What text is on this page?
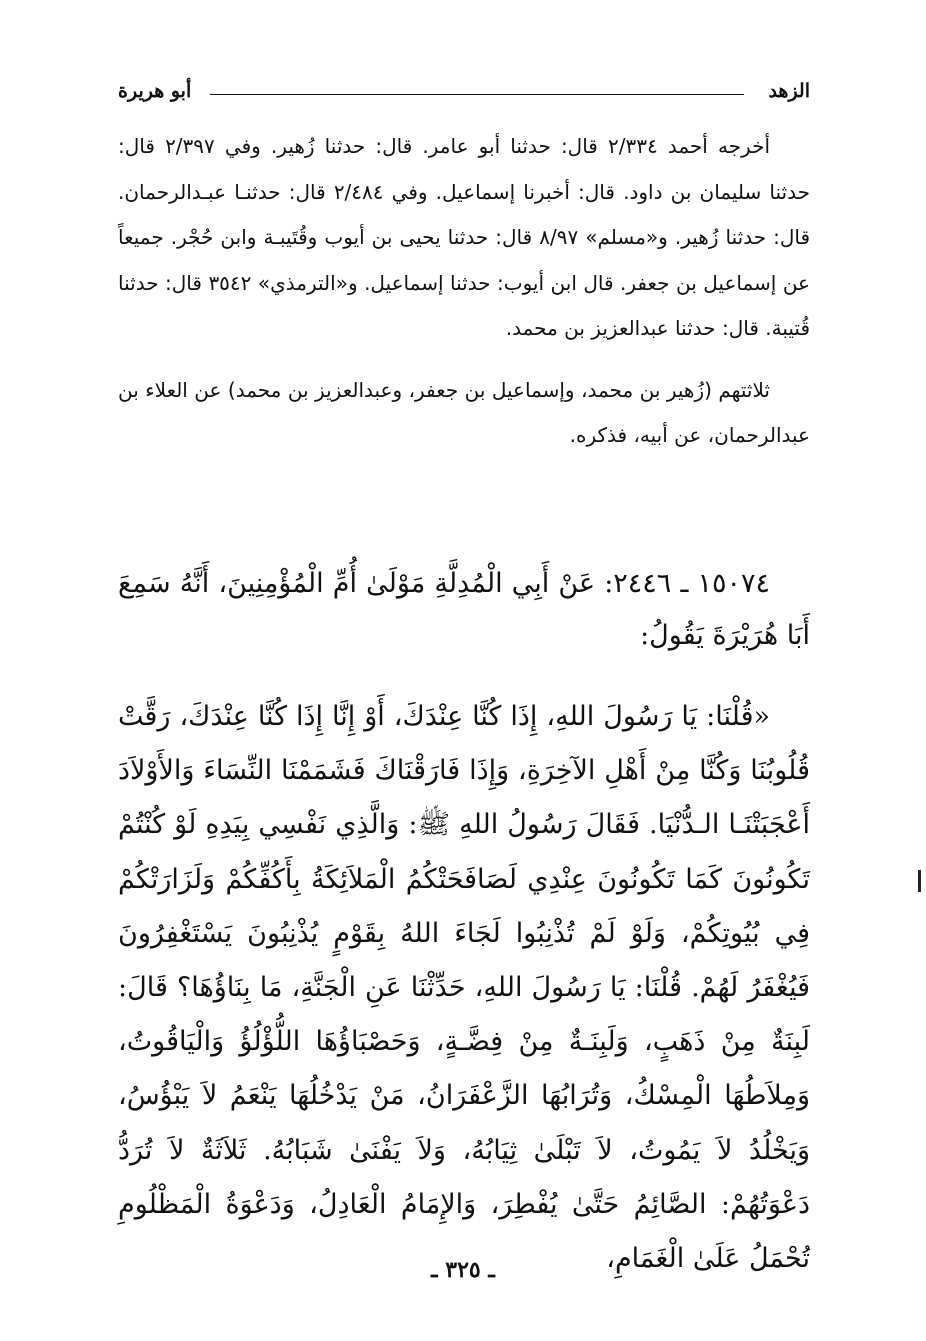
الزهد
أبو هريرة

أخرجه أحمد ٢/٣٣٤ قال: حدثنا أبو عامر. قال: حدثنا زُهير. وفي ٢/٣٩٧ قال: حدثنا سليمان بن داود. قال: أخبرنا إسماعيل. وفي ٢/٤٨٤ قال: حدثنـا عبـدالرحمان. قال: حدثنا زُهير. و«مسلم» ٨/٩٧ قال: حدثنا يحيى بن أيوب وقُتَيبـة وابن حُجْر. جميعاً عن إسماعيل بن جعفر. قال ابن أيوب: حدثنا إسماعيل. و«الترمذي» ٣٥٤٢ قال: حدثنا قُتيبة. قال: حدثنا عبدالعزيز بن محمد.

ثلاثتهم (زُهير بن محمد، وإسماعيل بن جعفر، وعبدالعزيز بن محمد) عن العلاء بن عبدالرحمان، عن أبيه، فذكره.

١٥٠٧٤ ـ ٢٤٤٦: عَنْ أَبِي الْمُدِلَّةِ مَوْلَىٰ أُمِّ الْمُؤْمِنِينَ، أَنَّهُ سَمِعَ أَبَا هُرَيْرَةَ يَقُولُ:

«قُلْنَا: يَا رَسُولَ اللهِ، إِذَا كُنَّا عِنْدَكَ، أَوْ إِنَّا إِذَا كُنَّا عِنْدَكَ، رَقَّتْ قُلُوبُنَا وَكُنَّا مِنْ أَهْلِ الآخِرَةِ، وَإِذَا فَارَقْنَاكَ فَشَمَمْنَا النِّسَاءَ وَالأَوْلاَدَ أَعْجَبَتْنَـا الـدُّنْيَا. فَقَالَ رَسُولُ اللهِ ﷺ: وَالَّذِي نَفْسِي بِيَدِهِ لَوْ كُنْتُمْ تَكُونُونَ كَمَا تَكُونُونَ عِنْدِي لَصَافَحَتْكُمُ الْمَلاَئِكَةُ بِأَكُفِّكُمْ وَلَزَارَتْكُمْ فِي بُيُوتِكُمْ، وَلَوْ لَمْ تُذْنِبُوا لَجَاءَ اللهُ بِقَوْمٍ يُذْنِبُونَ يَسْتَغْفِرُونَ فَيُغْفَرُ لَهُمْ. قُلْنَا: يَا رَسُولَ اللهِ، حَدِّثْنَا عَنِ الْجَنَّةِ، مَا بِنَاؤُهَا؟ قَالَ: لَبِنَةٌ مِنْ ذَهَبٍ، وَلَبِنَـةٌ مِنْ فِضَّـةٍ، وَحَصْبَاؤُهَا اللُّؤْلُؤُ وَالْيَاقُوتُ، وَمِلاَطُهَا الْمِسْكُ، وَتُرَابُهَا الزَّعْفَرَانُ، مَنْ يَدْخُلُهَا يَنْعَمُ لاَ يَبْؤُسُ، وَيَخْلُدُ لاَ يَمُوتُ، لاَ تَبْلَىٰ ثِيَابُهُ، وَلاَ يَفْنَىٰ شَبَابُهُ. ثَلاَثَةٌ لاَ تُرَدُّ دَعْوَتُهُمْ: الصَّائِمُ حَتَّىٰ يُفْطِرَ، وَالإِمَامُ الْعَادِلُ، وَدَعْوَةُ الْمَظْلُومِ تُحْمَلُ عَلَىٰ الْغَمَامِ،

ـ ٣٢٥ ـ
